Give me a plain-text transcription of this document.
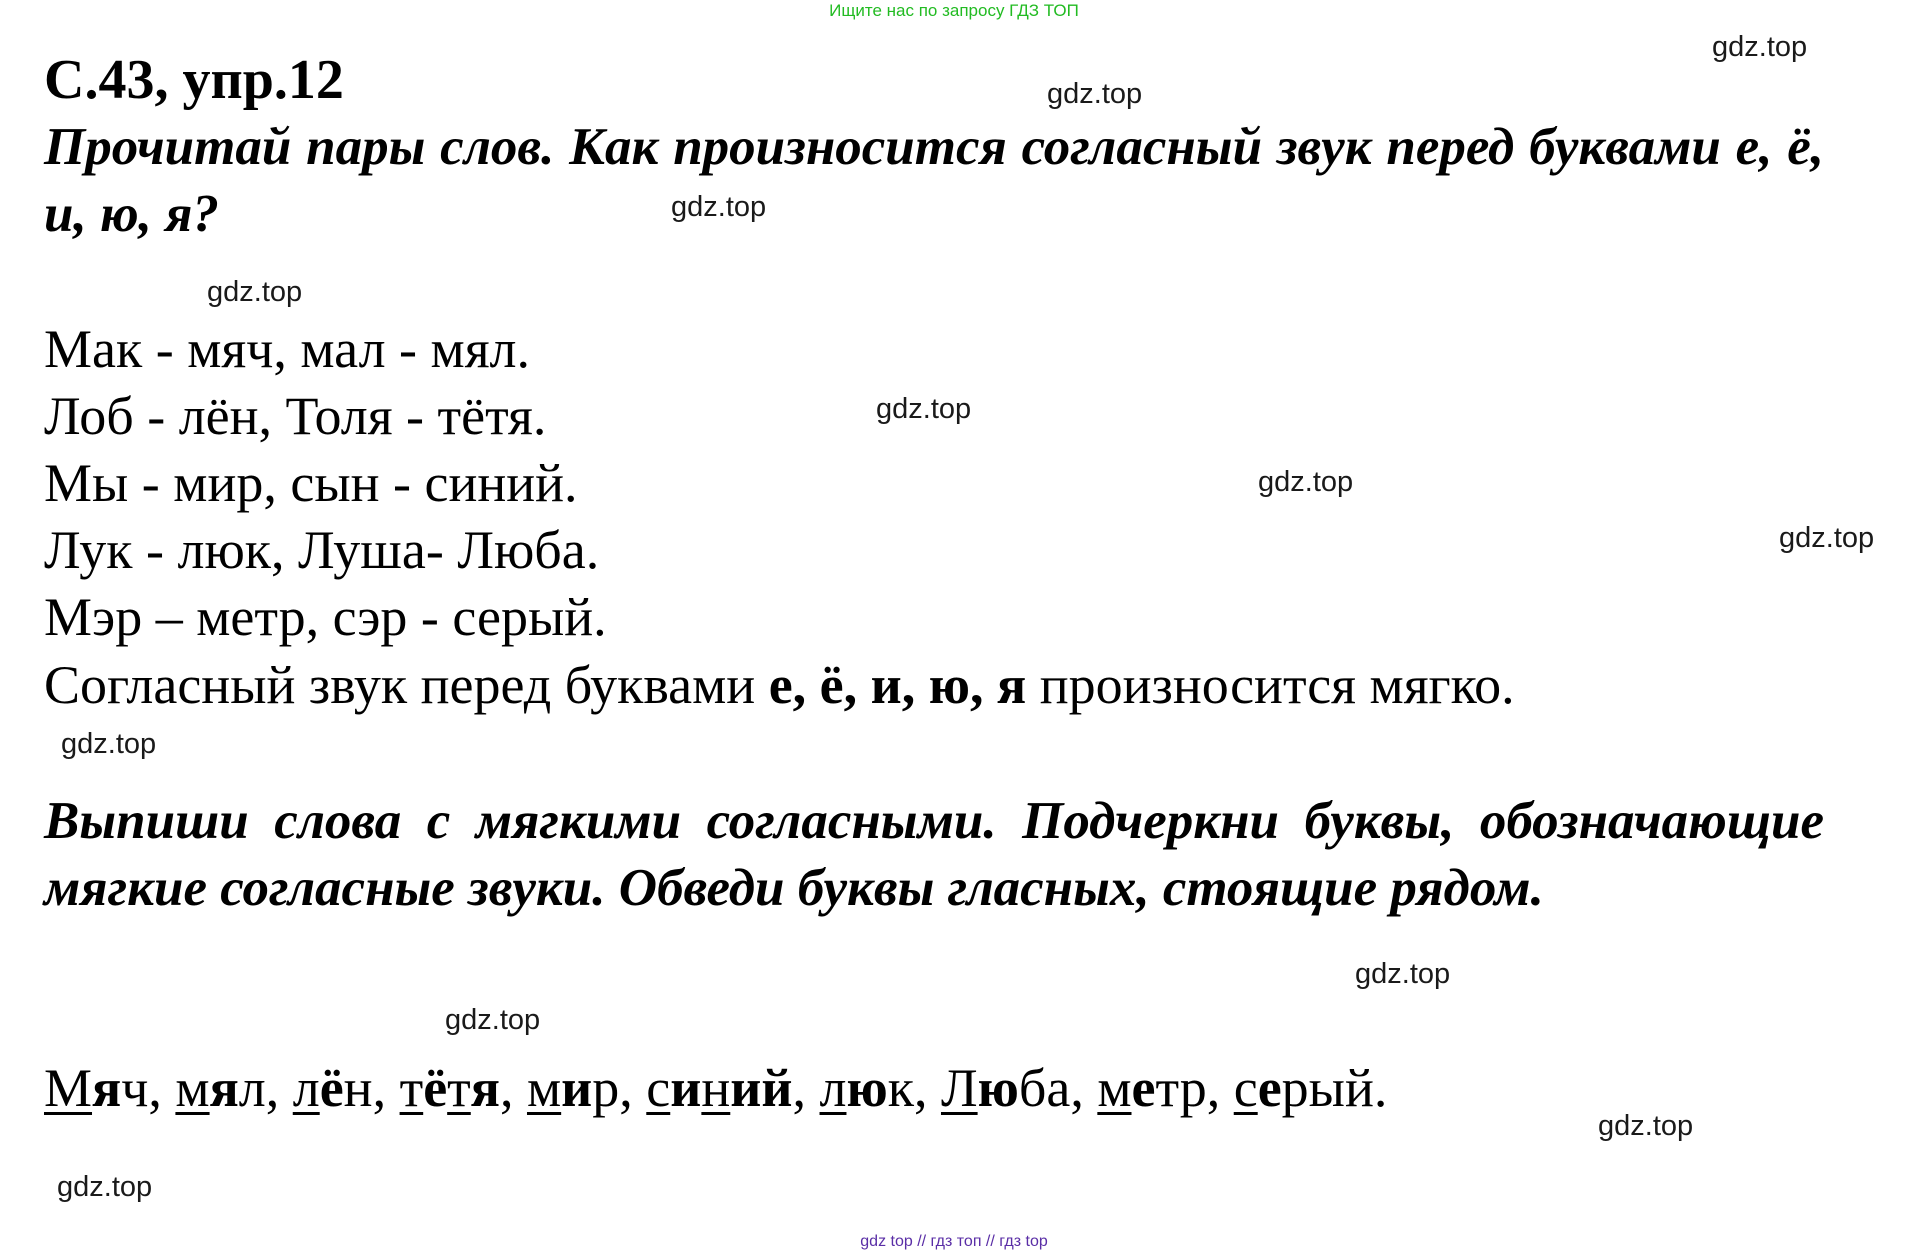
Ищите нас по запросу ГДЗ ТОП
С.43, упр.12
Прочитай пары слов. Как произносится согласный звук перед буквами е, ё, и, ю, я?
Мак - мяч, мал - мял.
Лоб - лён, Толя - тётя.
Мы - мир, сын - синий.
Лук - люк, Луша- Люба.
Мэр – метр, сэр - серый.
Согласный звук перед буквами е, ё, и, ю, я произносится мягко.
Выпиши слова с мягкими согласными. Подчеркни буквы, обозначающие мягкие согласные звуки. Обведи буквы гласных, стоящие рядом.
Мяч, мял, лён, тётя, мир, синий, люк, Люба, метр, серый.
gdz.top
gdz.top
gdz.top
gdz.top
gdz.top
gdz.top
gdz.top
gdz.top
gdz.top
gdz.top
gdz.top
gdz.top
gdz top // гдз топ // гдз top
